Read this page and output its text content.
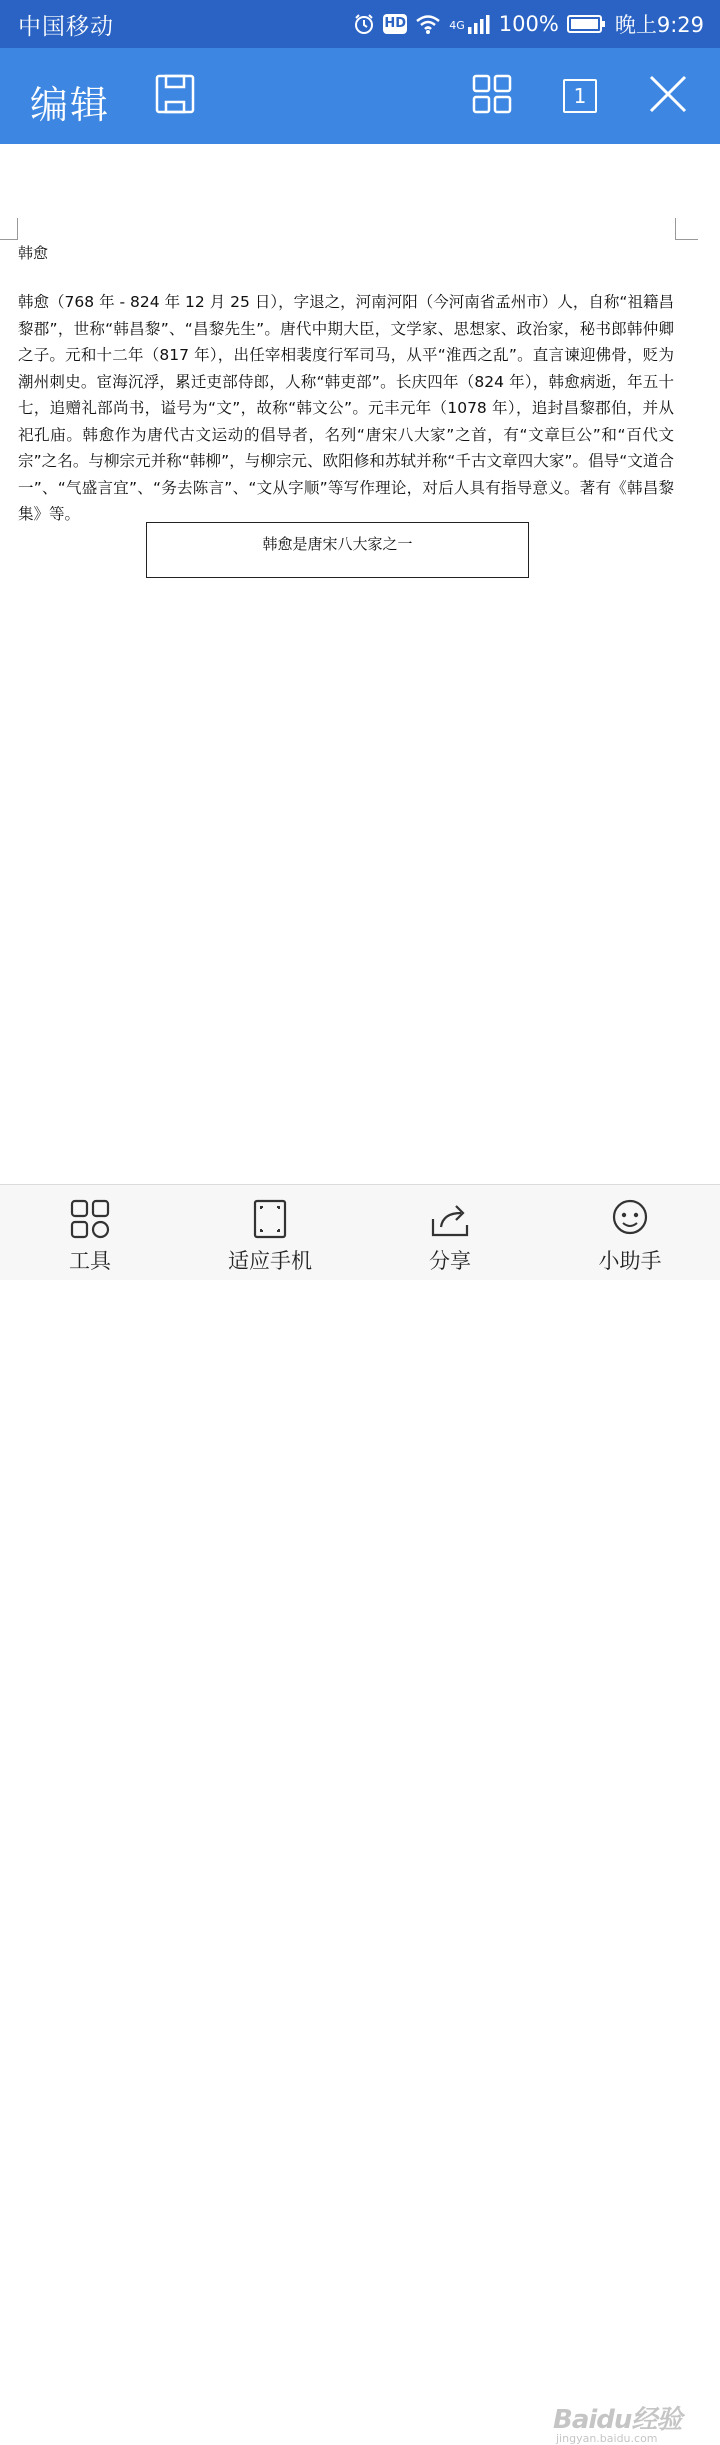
中国移动	HD	4G 100%	晚上9:29
编辑	1
韩愈

韩愈（768 年 - 824 年 12 月 25 日），字退之，河南河阳（今河南省孟州市）人，自称“祖籍昌黎郡”，世称“韩昌黎”、“昌黎先生”。唐代中期大臣，文学家、思想家、政治家，秘书郎韩仲卿之子。元和十二年（817 年），出任宰相裴度行军司马，从平“淮西之乱”。直言谏迎佛骨，贬为潮州刺史。宦海沉浮，累迁吏部侍郎，人称“韩吏部”。长庆四年（824 年），韩愈病逝，年五十七，追赠礼部尚书，谥号为“文”，故称“韩文公”。元丰元年（1078 年），追封昌黎郡伯，并从祀孔庙。韩愈作为唐代古文运动的倡导者，名列“唐宋八大家”之首，有“文章巨公”和“百代文宗”之名。与柳宗元并称“韩柳”，与柳宗元、欧阳修和苏轼并称“千古文章四大家”。倡导“文道合一”、“气盛言宜”、“务去陈言”、“文从字顺”等写作理论，对后人具有指导意义。著有《韩昌黎集》等。

韩愈是唐宋八大家之一
工具	适应手机	分享	小助手
Baidu经验
jingyan.baidu.com
